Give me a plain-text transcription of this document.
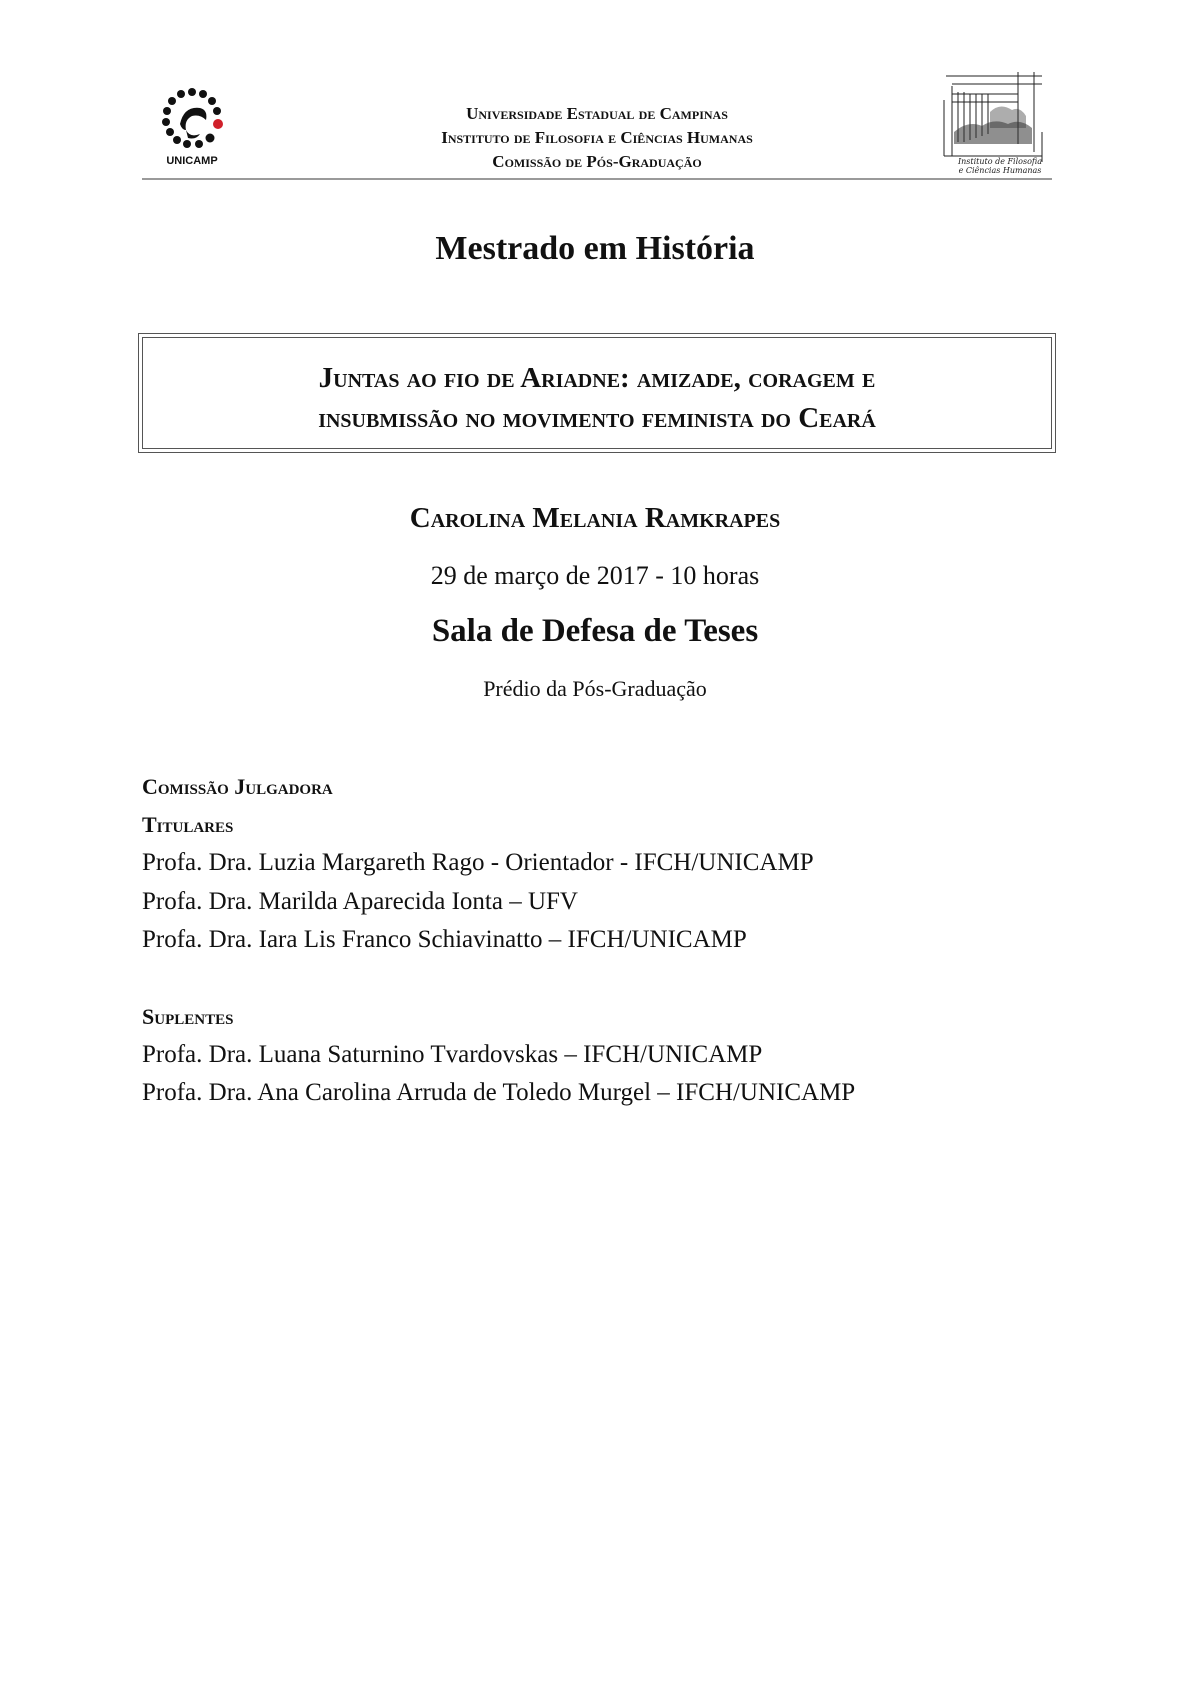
UNICAMP
Universidade Estadual de Campinas
Instituto de Filosofia e Ciências Humanas
Comissão de Pós-Graduação	Instituto de Filosofia
e Ciências Humanas
Mestrado em História
Juntas ao fio de Ariadne: amizade, coragem e
insubmissão no movimento feminista do Ceará
Carolina Melania Ramkrapes
29 de março de 2017 - 10 horas
Sala de Defesa de Teses
Prédio da Pós-Graduação
Comissão Julgadora
Titulares
Profa. Dra. Luzia Margareth Rago - Orientador - IFCH/UNICAMP
Profa. Dra. Marilda Aparecida Ionta – UFV
Profa. Dra. Iara Lis Franco Schiavinatto – IFCH/UNICAMP
Suplentes
Profa. Dra. Luana Saturnino Tvardovskas – IFCH/UNICAMP
Profa. Dra. Ana Carolina Arruda de Toledo Murgel – IFCH/UNICAMP
